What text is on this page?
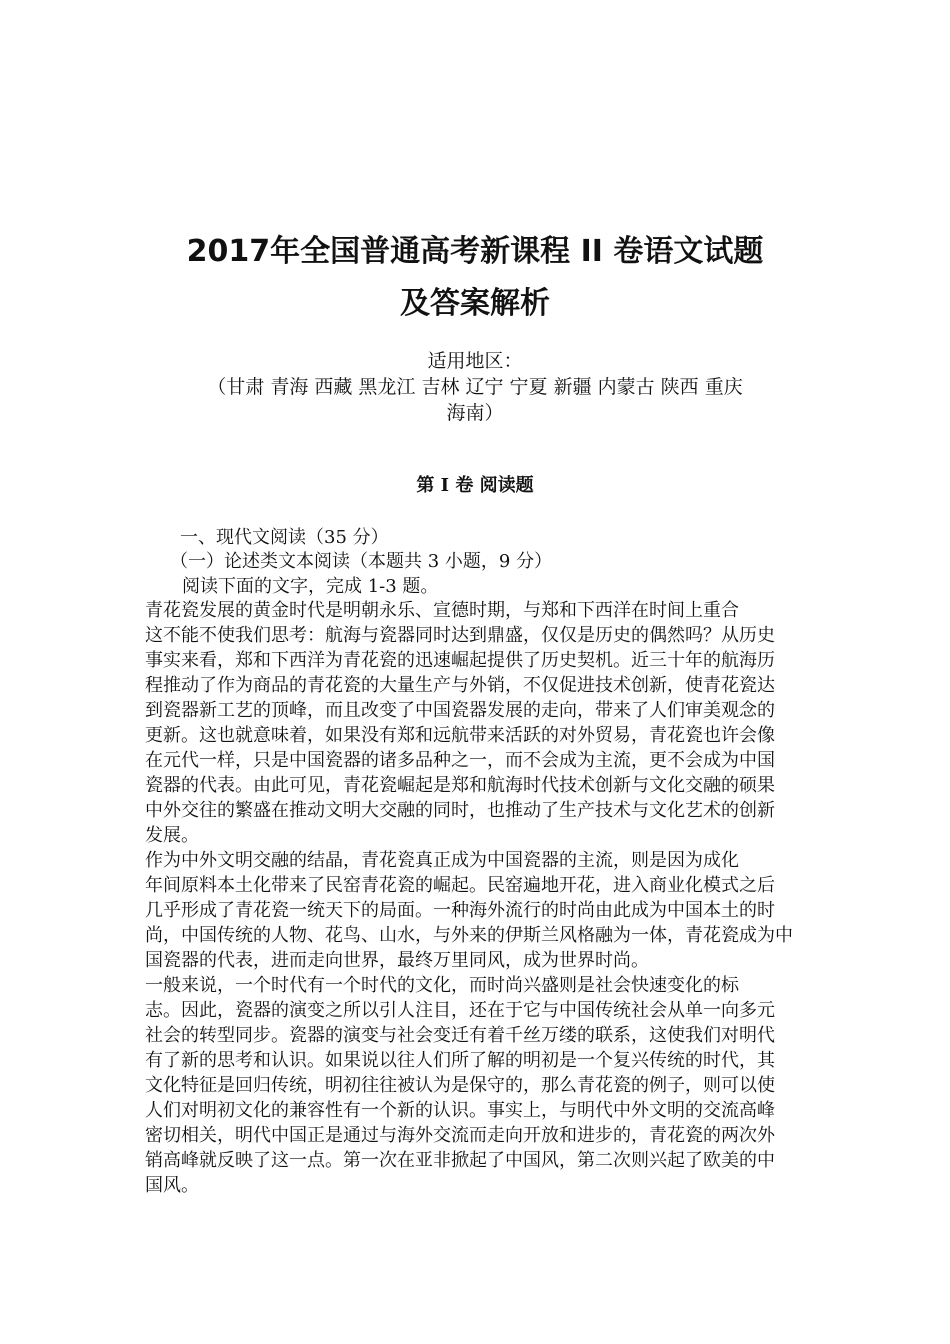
2017年全国普通高考新课程 II 卷语文试题
及答案解析
适用地区：
（甘肃 青海 西藏 黑龙江 吉林 辽宁 宁夏 新疆 内蒙古 陕西 重庆
海南）
第 I 卷 阅读题
一、现代文阅读（35 分）
（一）论述类文本阅读（本题共 3 小题，9 分）
阅读下面的文字，完成 1-3 题。
青花瓷发展的黄金时代是明朝永乐、宣德时期，与郑和下西洋在时间上重合
这不能不使我们思考：航海与瓷器同时达到鼎盛，仅仅是历史的偶然吗？从历史
事实来看，郑和下西洋为青花瓷的迅速崛起提供了历史契机。近三十年的航海历
程推动了作为商品的青花瓷的大量生产与外销，不仅促进技术创新，使青花瓷达
到瓷器新工艺的顶峰，而且改变了中国瓷器发展的走向，带来了人们审美观念的
更新。这也就意味着，如果没有郑和远航带来活跃的对外贸易，青花瓷也许会像
在元代一样，只是中国瓷器的诸多品种之一，而不会成为主流，更不会成为中国
瓷器的代表。由此可见，青花瓷崛起是郑和航海时代技术创新与文化交融的硕果
中外交往的繁盛在推动文明大交融的同时，也推动了生产技术与文化艺术的创新
发展。
作为中外文明交融的结晶，青花瓷真正成为中国瓷器的主流，则是因为成化
年间原料本土化带来了民窑青花瓷的崛起。民窑遍地开花，进入商业化模式之后
几乎形成了青花瓷一统天下的局面。一种海外流行的时尚由此成为中国本土的时
尚，中国传统的人物、花鸟、山水，与外来的伊斯兰风格融为一体，青花瓷成为中
国瓷器的代表，进而走向世界，最终万里同风，成为世界时尚。
一般来说，一个时代有一个时代的文化，而时尚兴盛则是社会快速变化的标
志。因此，瓷器的演变之所以引人注目，还在于它与中国传统社会从单一向多元
社会的转型同步。瓷器的演变与社会变迁有着千丝万缕的联系，这使我们对明代
有了新的思考和认识。如果说以往人们所了解的明初是一个复兴传统的时代，其
文化特征是回归传统，明初往往被认为是保守的，那么青花瓷的例子，则可以使
人们对明初文化的兼容性有一个新的认识。事实上，与明代中外文明的交流高峰
密切相关，明代中国正是通过与海外交流而走向开放和进步的，青花瓷的两次外
销高峰就反映了这一点。第一次在亚非掀起了中国风，第二次则兴起了欧美的中
国风。
